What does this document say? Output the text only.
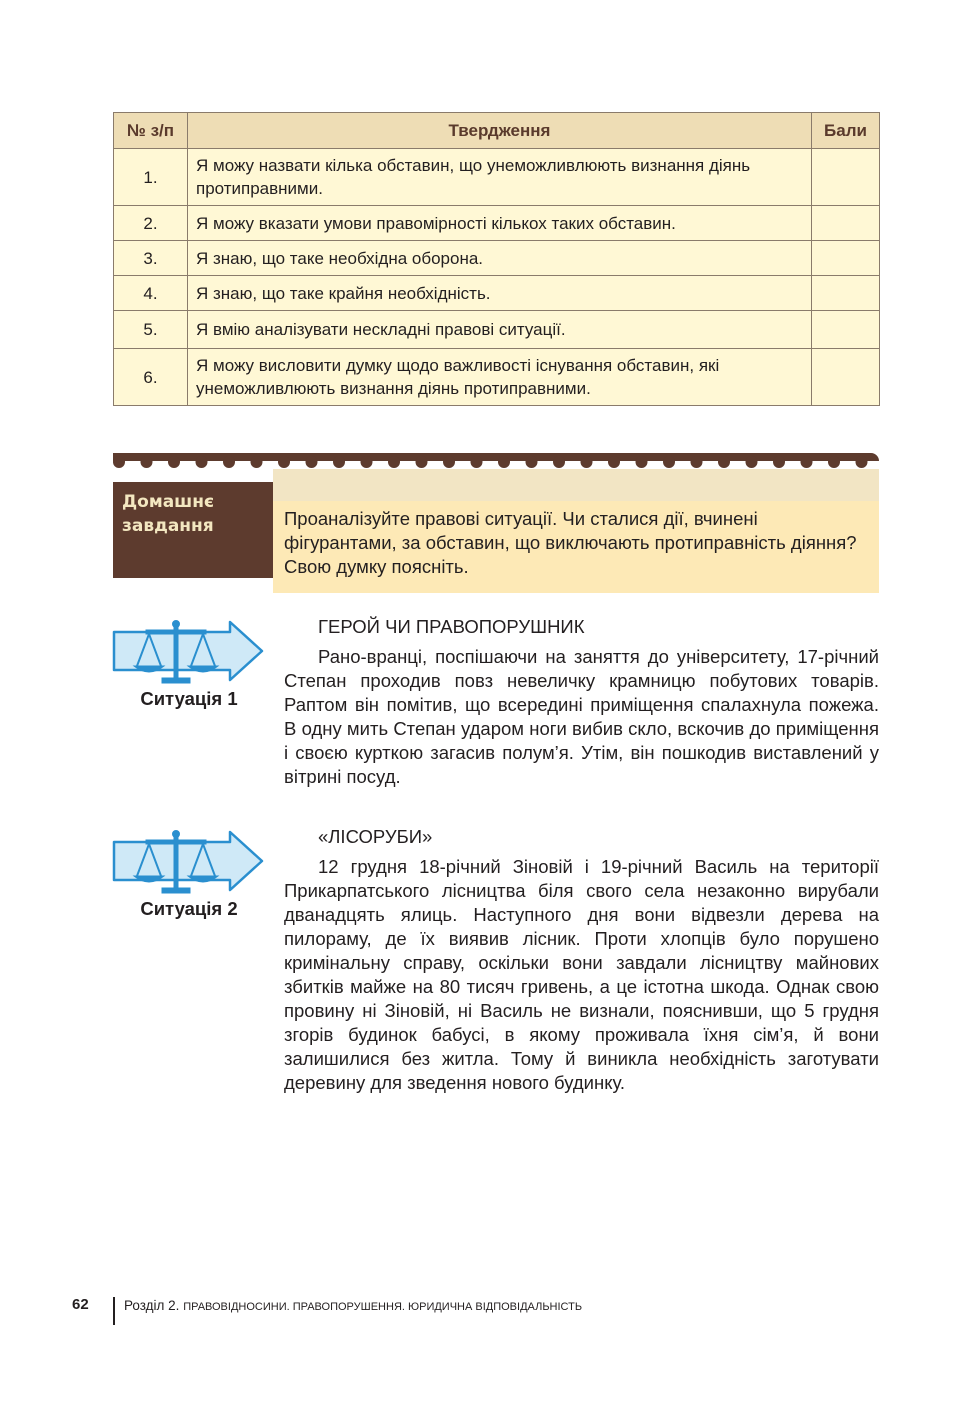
№ з/п	Твердження	Бали
1.	Я можу назвати кілька обставин, що унеможливлюють визнання діянь протиправними.	
2.	Я можу вказати умови правомірності кількох таких обставин.	
3.	Я знаю, що таке необхідна оборона.	
4.	Я знаю, що таке крайня необхідність.	
5.	Я вмію аналізувати нескладні правові ситуації.	
6.	Я можу висловити думку щодо важливості існування обставин, які унеможливлюють визнання діянь протиправними.	
Домашнє
завдання	Проаналізуйте правові ситуації. Чи сталися дії, вчинені фігурантами, за обставин, що виключають протиправність діяння? Свою думку поясніть.

Ситуація 1

ГЕРОЙ ЧИ ПРАВОПОРУШНИК

Рано-вранці, поспішаючи на заняття до університету, 17-річний Степан проходив повз невеличку крамницю побутових товарів. Раптом він помітив, що всередині приміщення спалахнула пожежа. В одну мить Степан ударом ноги вибив скло, вскочив до приміщення і своєю курткою загасив полум’я. Утім, він пошкодив виставлений у вітрині посуд.

Ситуація 2

«ЛІСОРУБИ»

12 грудня 18-річний Зіновій і 19-річний Василь на території Прикарпатського лісництва біля свого села незаконно вирубали дванадцять ялиць. Наступного дня вони відвезли дерева на пилораму, де їх виявив лісник. Проти хлопців було порушено кримінальну справу, оскільки вони завдали лісництву майнових збитків майже на 80 тисяч гривень, а це істотна шкода. Однак свою провину ні Зіновій, ні Василь не визнали, пояснивши, що 5 грудня згорів будинок бабусі, в якому проживала їхня сім’я, й вони залишилися без житла. Тому й виникла необхідність заготувати деревину для зведення нового будинку.

62	Розділ 2. ПРАВОВІДНОСИНИ. ПРАВОПОРУШЕННЯ. ЮРИДИЧНА ВІДПОВІДАЛЬНІСТЬ
